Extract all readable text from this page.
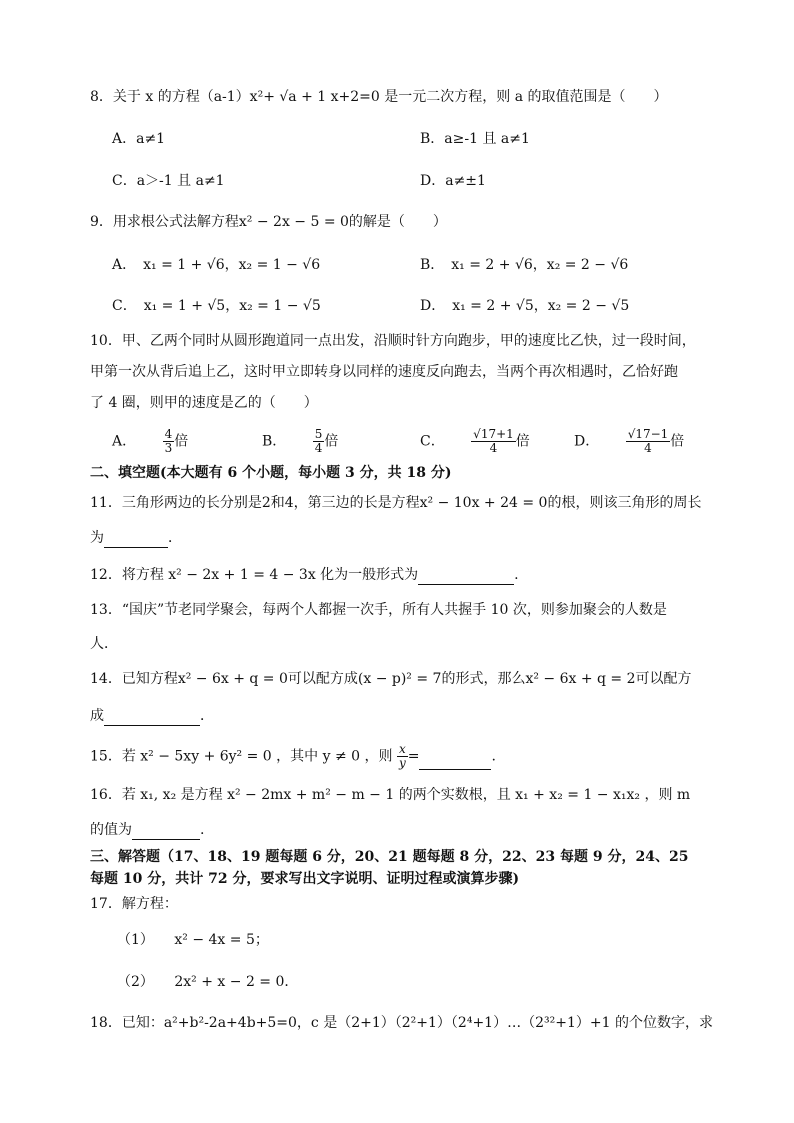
8．关于 x 的方程（a-1）x²+ √a + 1 x+2=0 是一元二次方程，则 a 的取值范围是（　　）
A．a≠1	B．a≥-1 且 a≠1
C．a＞-1 且 a≠1	D．a≠±1
9．用求根公式法解方程x² − 2x − 5 = 0的解是（　　）
A．　x₁ = 1 + √6，x₂ = 1 − √6	B．　x₁ = 2 + √6，x₂ = 2 − √6
C．　x₁ = 1 + √5，x₂ = 1 − √5	D．　x₁ = 2 + √5，x₂ = 2 − √5
10．甲、乙两个同时从圆形跑道同一点出发，沿顺时针方向跑步，甲的速度比乙快，过一段时间，
甲第一次从背后追上乙，这时甲立即转身以同样的速度反向跑去，当两个再次相遇时，乙恰好跑
了 4 圈，则甲的速度是乙的（　　）
A． $\frac{4}{3}$ 倍	B． $\frac{5}{4}$ 倍	C． $\frac{√17+1}{4}$ 倍	D． $\frac{√17-1}{4}$ 倍
二、填空题(本大题有 6 个小题，每小题 3 分，共 18 分)
11．三角形两边的长分别是2和4，第三边的长是方程x² − 10x + 24 = 0的根，则该三角形的周长
为	．
12．将方程 x² − 2x + 1 = 4 − 3x 化为一般形式为	.
13．“国庆”节老同学聚会，每两个人都握一次手，所有人共握手 10 次，则参加聚会的人数是
人．
14．已知方程x² − 6x + q = 0可以配方成(x − p)² = 7的形式，那么x² − 6x + q = 2可以配方
成	．
15．若 x² − 5xy + 6y² = 0 ，其中 y ≠ 0 ，则 $\frac{x}{y}$ =	.
16．若 x₁, x₂ 是方程 x² − 2mx + m² − m − 1 的两个实数根，且 x₁ + x₂ = 1 − x₁x₂ ，则 m
的值为	.
三、解答题（17、18、19 题每题 6 分，20、21 题每题 8 分，22、23 每题 9 分，24、25
每题 10 分，共计 72 分，要求写出文字说明、证明过程或演算步骤)
17．解方程：
（1） x² − 4x = 5；
（2） 2x² + x − 2 = 0．
18．已知：a²+b²-2a+4b+5=0，c 是（2+1）（2²+1）（2⁴+1）…（2³²+1）+1 的个位数字，求
